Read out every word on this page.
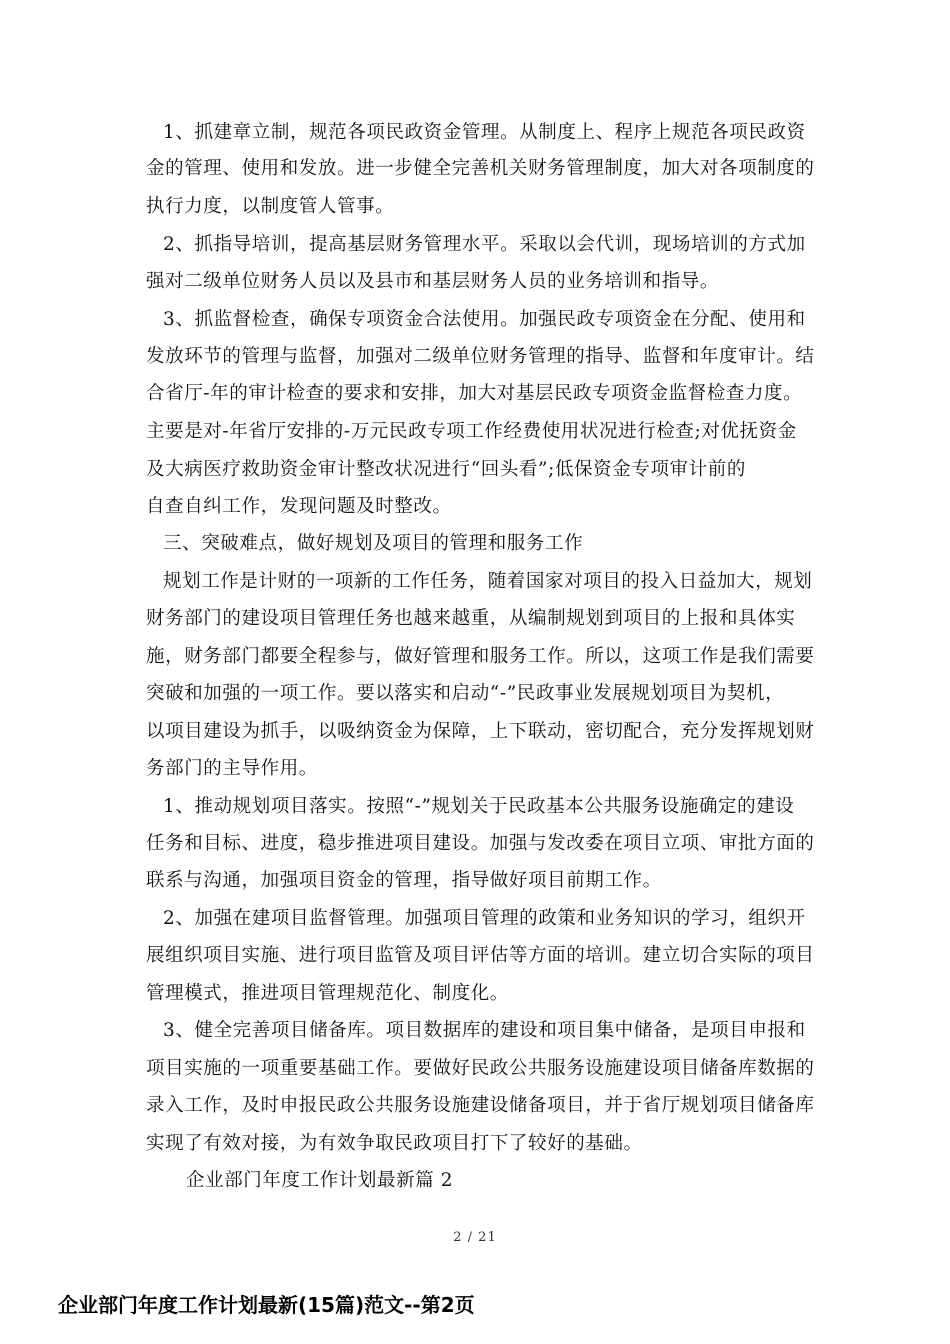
1、抓建章立制，规范各项民政资金管理。从制度上、程序上规范各项民政资
金的管理、使用和发放。进一步健全完善机关财务管理制度，加大对各项制度的
执行力度，以制度管人管事。
2、抓指导培训，提高基层财务管理水平。采取以会代训，现场培训的方式加
强对二级单位财务人员以及县市和基层财务人员的业务培训和指导。
3、抓监督检查，确保专项资金合法使用。加强民政专项资金在分配、使用和
发放环节的管理与监督，加强对二级单位财务管理的指导、监督和年度审计。结
合省厅-年的审计检查的要求和安排，加大对基层民政专项资金监督检查力度。
主要是对-年省厅安排的-万元民政专项工作经费使用状况进行检查;对优抚资金
及大病医疗救助资金审计整改状况进行“回头看”;低保资金专项审计前的
自查自纠工作，发现问题及时整改。
三、突破难点，做好规划及项目的管理和服务工作
规划工作是计财的一项新的工作任务，随着国家对项目的投入日益加大，规划
财务部门的建设项目管理任务也越来越重，从编制规划到项目的上报和具体实
施，财务部门都要全程参与，做好管理和服务工作。所以，这项工作是我们需要
突破和加强的一项工作。要以落实和启动“-”民政事业发展规划项目为契机，
以项目建设为抓手，以吸纳资金为保障，上下联动，密切配合，充分发挥规划财
务部门的主导作用。
1、推动规划项目落实。按照“-”规划关于民政基本公共服务设施确定的建设
任务和目标、进度，稳步推进项目建设。加强与发改委在项目立项、审批方面的
联系与沟通，加强项目资金的管理，指导做好项目前期工作。
2、加强在建项目监督管理。加强项目管理的政策和业务知识的学习，组织开
展组织项目实施、进行项目监管及项目评估等方面的培训。建立切合实际的项目
管理模式，推进项目管理规范化、制度化。
3、健全完善项目储备库。项目数据库的建设和项目集中储备，是项目申报和
项目实施的一项重要基础工作。要做好民政公共服务设施建设项目储备库数据的
录入工作，及时申报民政公共服务设施建设储备项目，并于省厅规划项目储备库
实现了有效对接，为有效争取民政项目打下了较好的基础。
企业部门年度工作计划最新篇 2
2 / 21
企业部门年度工作计划最新(15篇)范文--第2页
